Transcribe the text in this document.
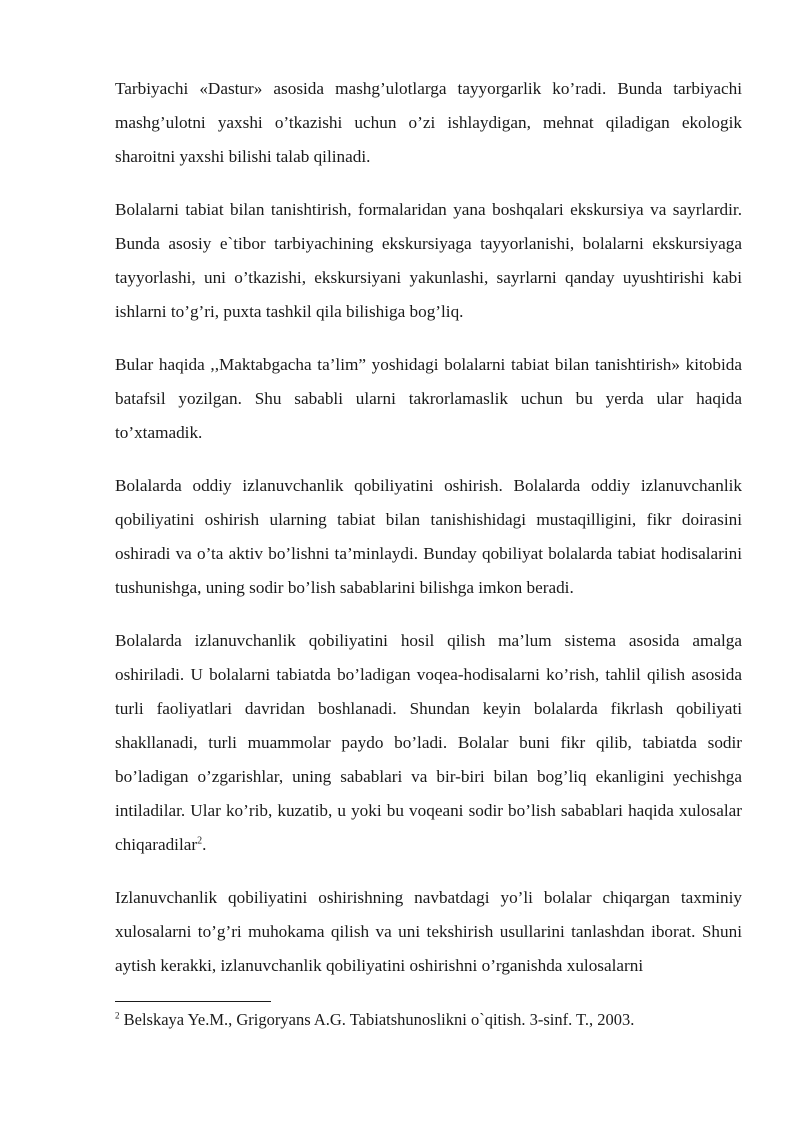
Tarbiyachi «Dastur» asosida mashg’ulotlarga tayyorgarlik ko’radi. Bunda tarbiyachi mashg’ulotni yaxshi o’tkazishi uchun o’zi ishlaydigan, mehnat qiladigan ekologik sharoitni yaxshi bilishi talab qilinadi.

Bolalarni tabiat bilan tanishtirish, formalaridan yana boshqalari ekskursiya va sayrlardir. Bunda asosiy e`tibor tarbiyachining ekskursiyaga tayyorlanishi, bolalarni ekskursiyaga tayyorlashi, uni o’tkazishi, ekskursiyani yakunlashi, sayrlarni qanday uyushtirishi kabi ishlarni to’g’ri, puxta tashkil qila bilishiga bog’liq.

Bular haqida ,,Maktabgacha ta’lim” yoshidagi bolalarni tabiat bilan tanishtirish» kitobida batafsil yozilgan. Shu sababli ularni takrorlamaslik uchun bu yerda ular haqida to’xtamadik.

Bolalarda oddiy izlanuvchanlik qobiliyatini oshirish. Bolalarda oddiy izlanuvchanlik qobiliyatini oshirish ularning tabiat bilan tanishishidagi mustaqilligini, fikr doirasini oshiradi va o’ta aktiv bo’lishni ta’minlaydi. Bunday qobiliyat bolalarda tabiat hodisalarini tushunishga, uning sodir bo’lish sabablarini bilishga imkon beradi.

Bolalarda izlanuvchanlik qobiliyatini hosil qilish ma’lum sistema asosida amalga oshiriladi. U bolalarni tabiatda bo’ladigan voqea-hodisalarni ko’rish, tahlil qilish asosida turli faoliyatlari davridan boshlanadi. Shundan keyin bolalarda fikrlash qobiliyati shakllanadi, turli muammolar paydo bo’ladi. Bolalar buni fikr qilib, tabiatda sodir bo’ladigan o’zgarishlar, uning sabablari va bir-biri bilan bog’liq ekanligini yechishga intiladilar. Ular ko’rib, kuzatib, u yoki bu voqeani sodir bo’lish sabablari haqida xulosalar chiqaradilar$^2$.

Izlanuvchanlik qobiliyatini oshirishning navbatdagi yo’li bolalar chiqargan taxminiy xulosalarni to’g’ri muhokama qilish va uni tekshirish usullarini tanlashdan iborat. Shuni aytish kerakki, izlanuvchanlik qobiliyatini oshirishni o’rganishda xulosalarni

$^2$ Belskaya Ye.M., Grigoryans A.G. Tabiatshunoslikni o`qitish. 3-sinf. T., 2003.
